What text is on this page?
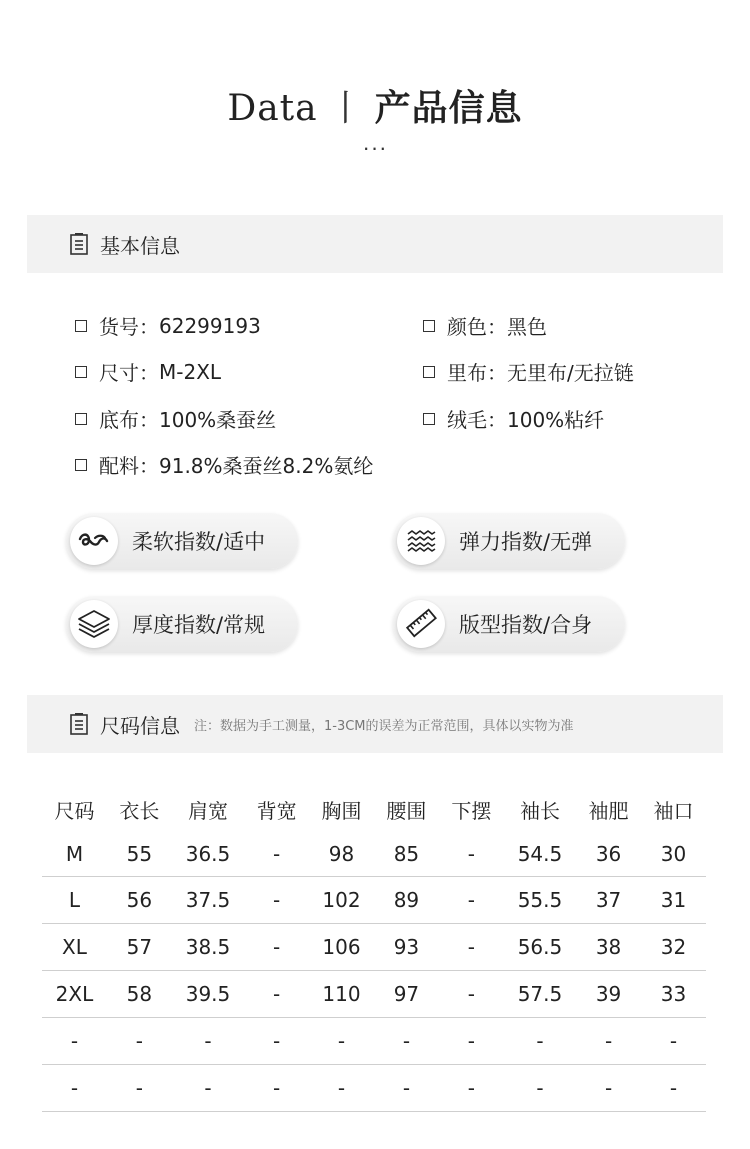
Data 丨 产品信息
···
基本信息
货号： 62299193	颜色： 黑色
尺寸： M-2XL	里布： 无里布/无拉链
底布： 100%桑蚕丝	绒毛： 100%粘纤
配料： 91.8%桑蚕丝8.2%氨纶
柔软指数/适中	弹力指数/无弹
厚度指数/常规	版型指数/合身
尺码信息 注：数据为手工测量，1-3CM的误差为正常范围，具体以实物为准
尺码	衣长	肩宽	背宽	胸围	腰围	下摆	袖长	袖肥	袖口
M	55	36.5	-	98	85	-	54.5	36	30
L	56	37.5	-	102	89	-	55.5	37	31
XL	57	38.5	-	106	93	-	56.5	38	32
2XL	58	39.5	-	110	97	-	57.5	39	33
-	-	-	-	-	-	-	-	-	-
-	-	-	-	-	-	-	-	-	-
